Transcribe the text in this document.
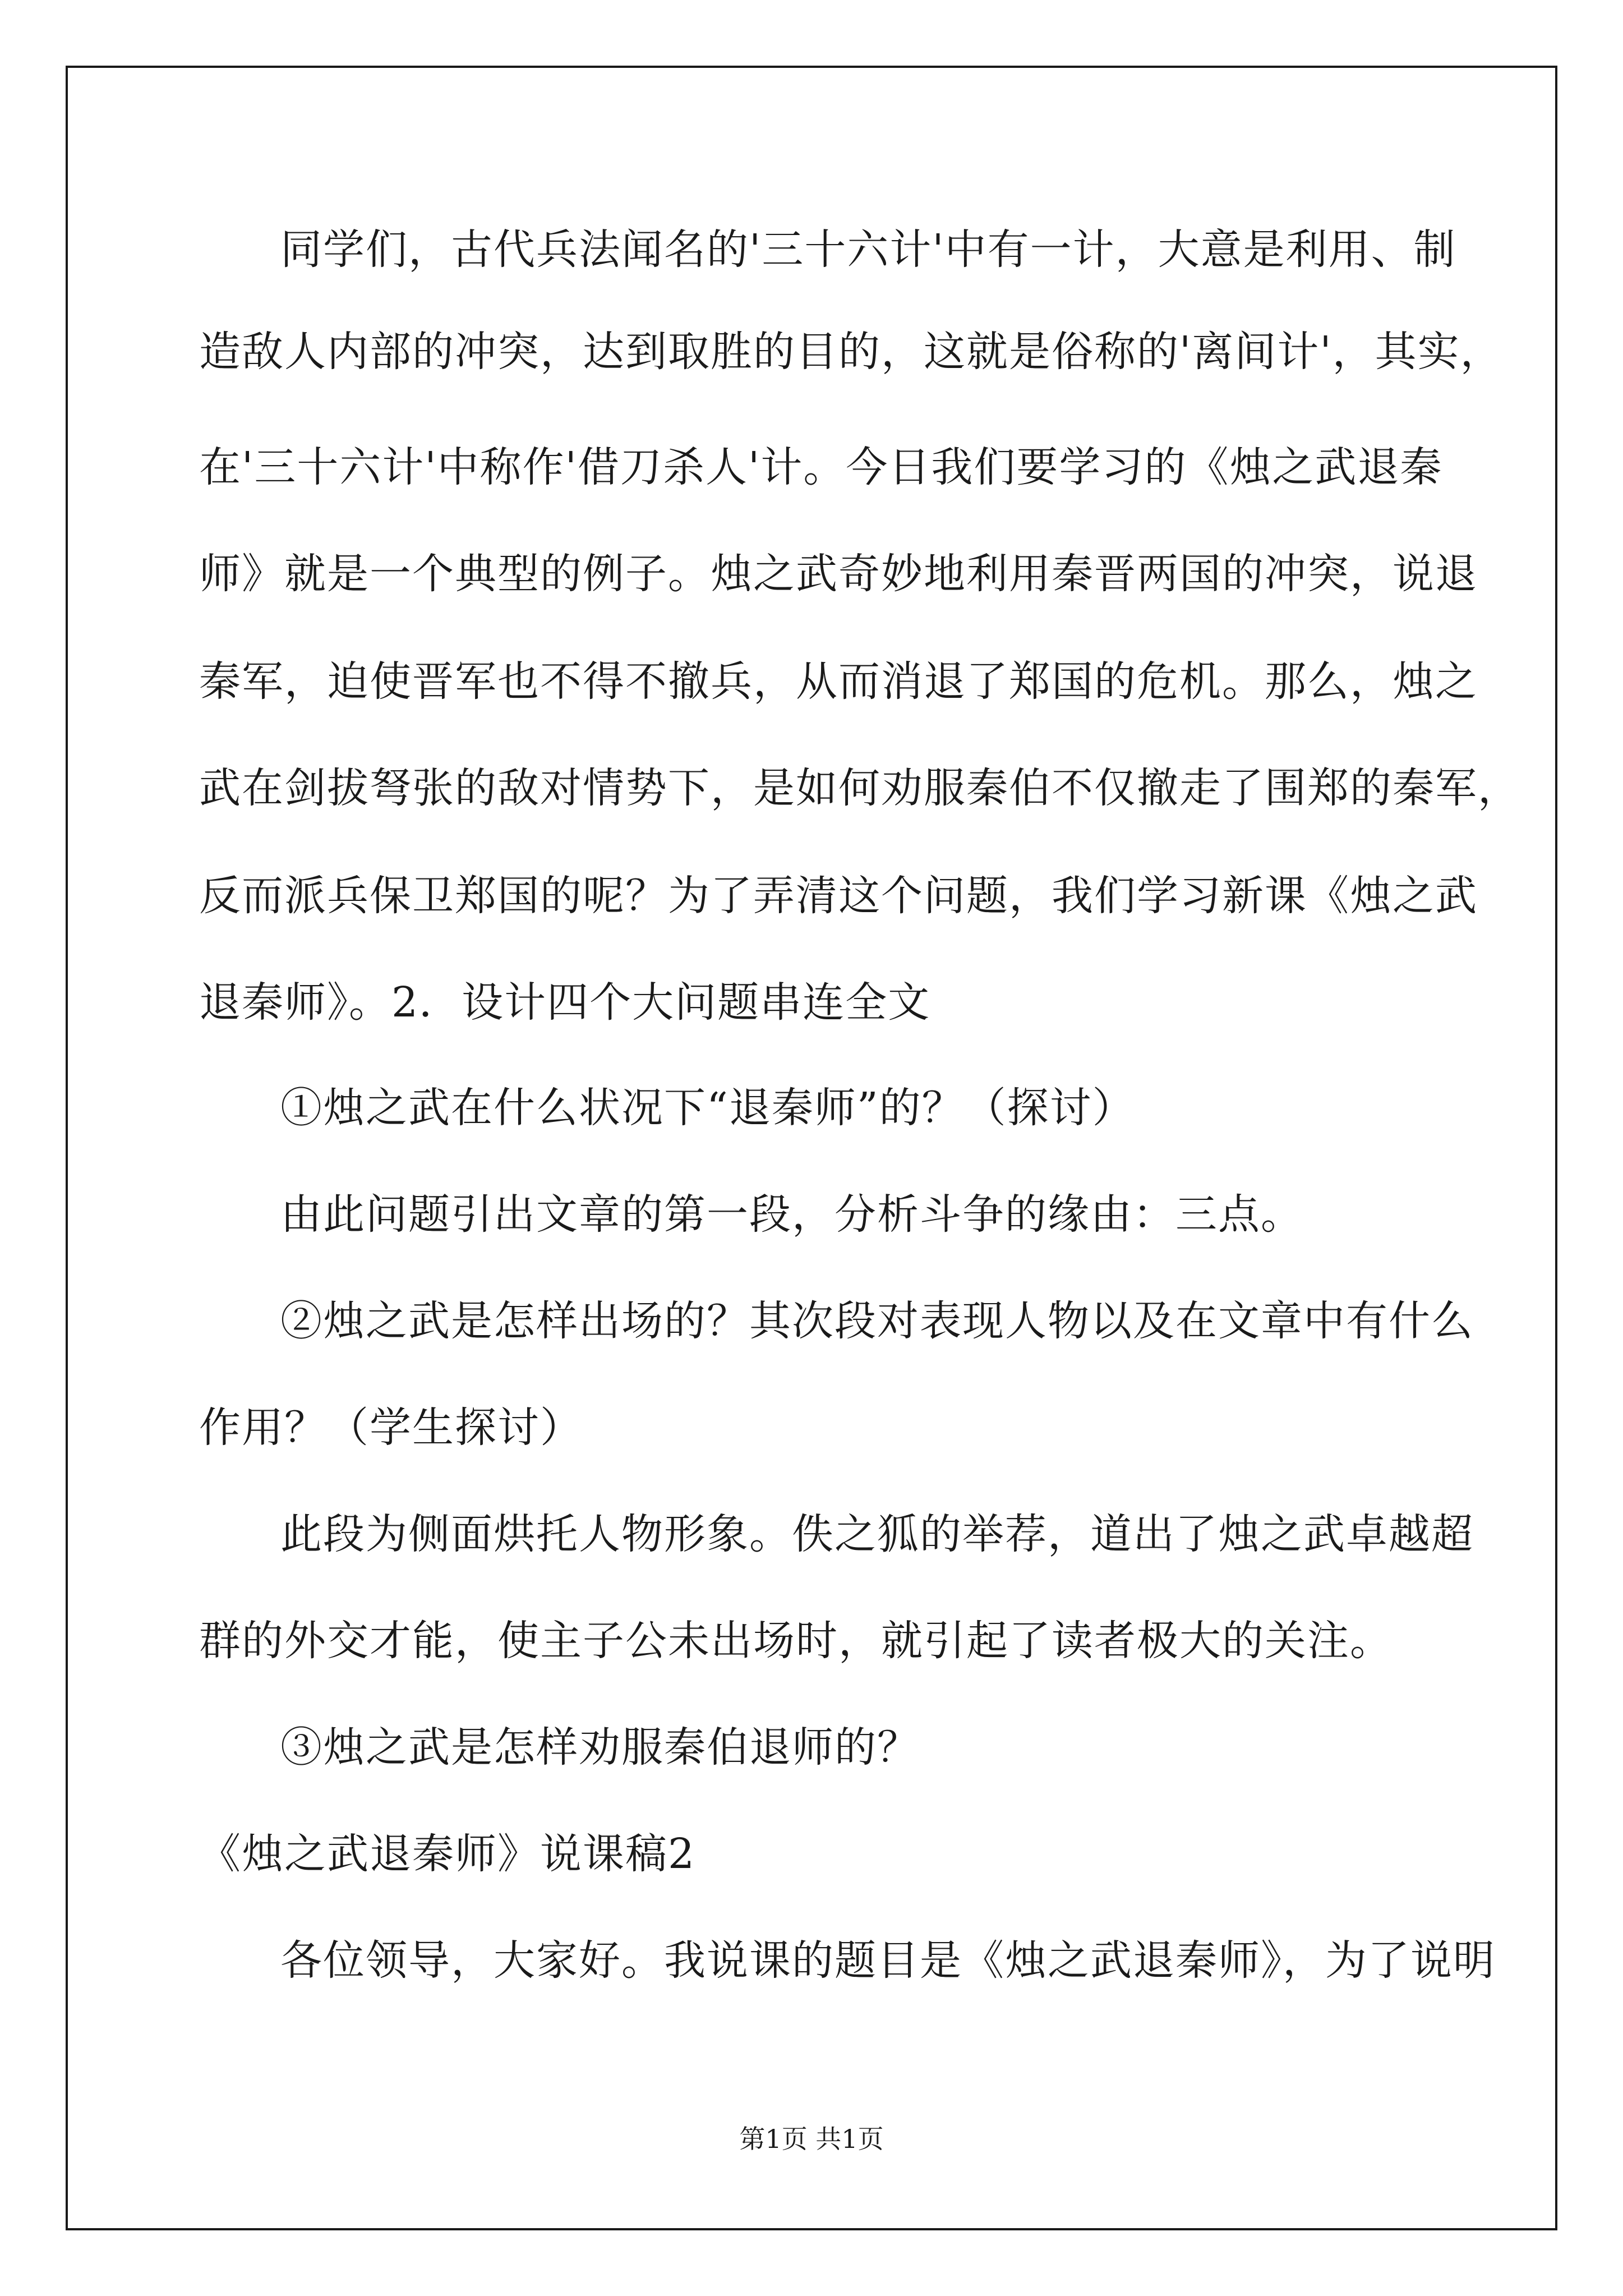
同学们，古代兵法闻名的'三十六计'中有一计，大意是利用、制
造敌人内部的冲突，达到取胜的目的，这就是俗称的'离间计'，其实，
在'三十六计'中称作'借刀杀人'计。今日我们要学习的《烛之武退秦
师》就是一个典型的例子。烛之武奇妙地利用秦晋两国的冲突，说退
秦军，迫使晋军也不得不撤兵，从而消退了郑国的危机。那么，烛之
武在剑拔弩张的敌对情势下，是如何劝服秦伯不仅撤走了围郑的秦军，
反而派兵保卫郑国的呢？为了弄清这个问题，我们学习新课《烛之武
退秦师》。2．设计四个大问题串连全文
①烛之武在什么状况下“退秦师”的？（探讨）
由此问题引出文章的第一段，分析斗争的缘由：三点。
②烛之武是怎样出场的？其次段对表现人物以及在文章中有什么
作用？（学生探讨）
此段为侧面烘托人物形象。佚之狐的举荐，道出了烛之武卓越超
群的外交才能，使主子公未出场时，就引起了读者极大的关注。
③烛之武是怎样劝服秦伯退师的？
《烛之武退秦师》说课稿2
各位领导，大家好。我说课的题目是《烛之武退秦师》，为了说明
第1页 共1页
